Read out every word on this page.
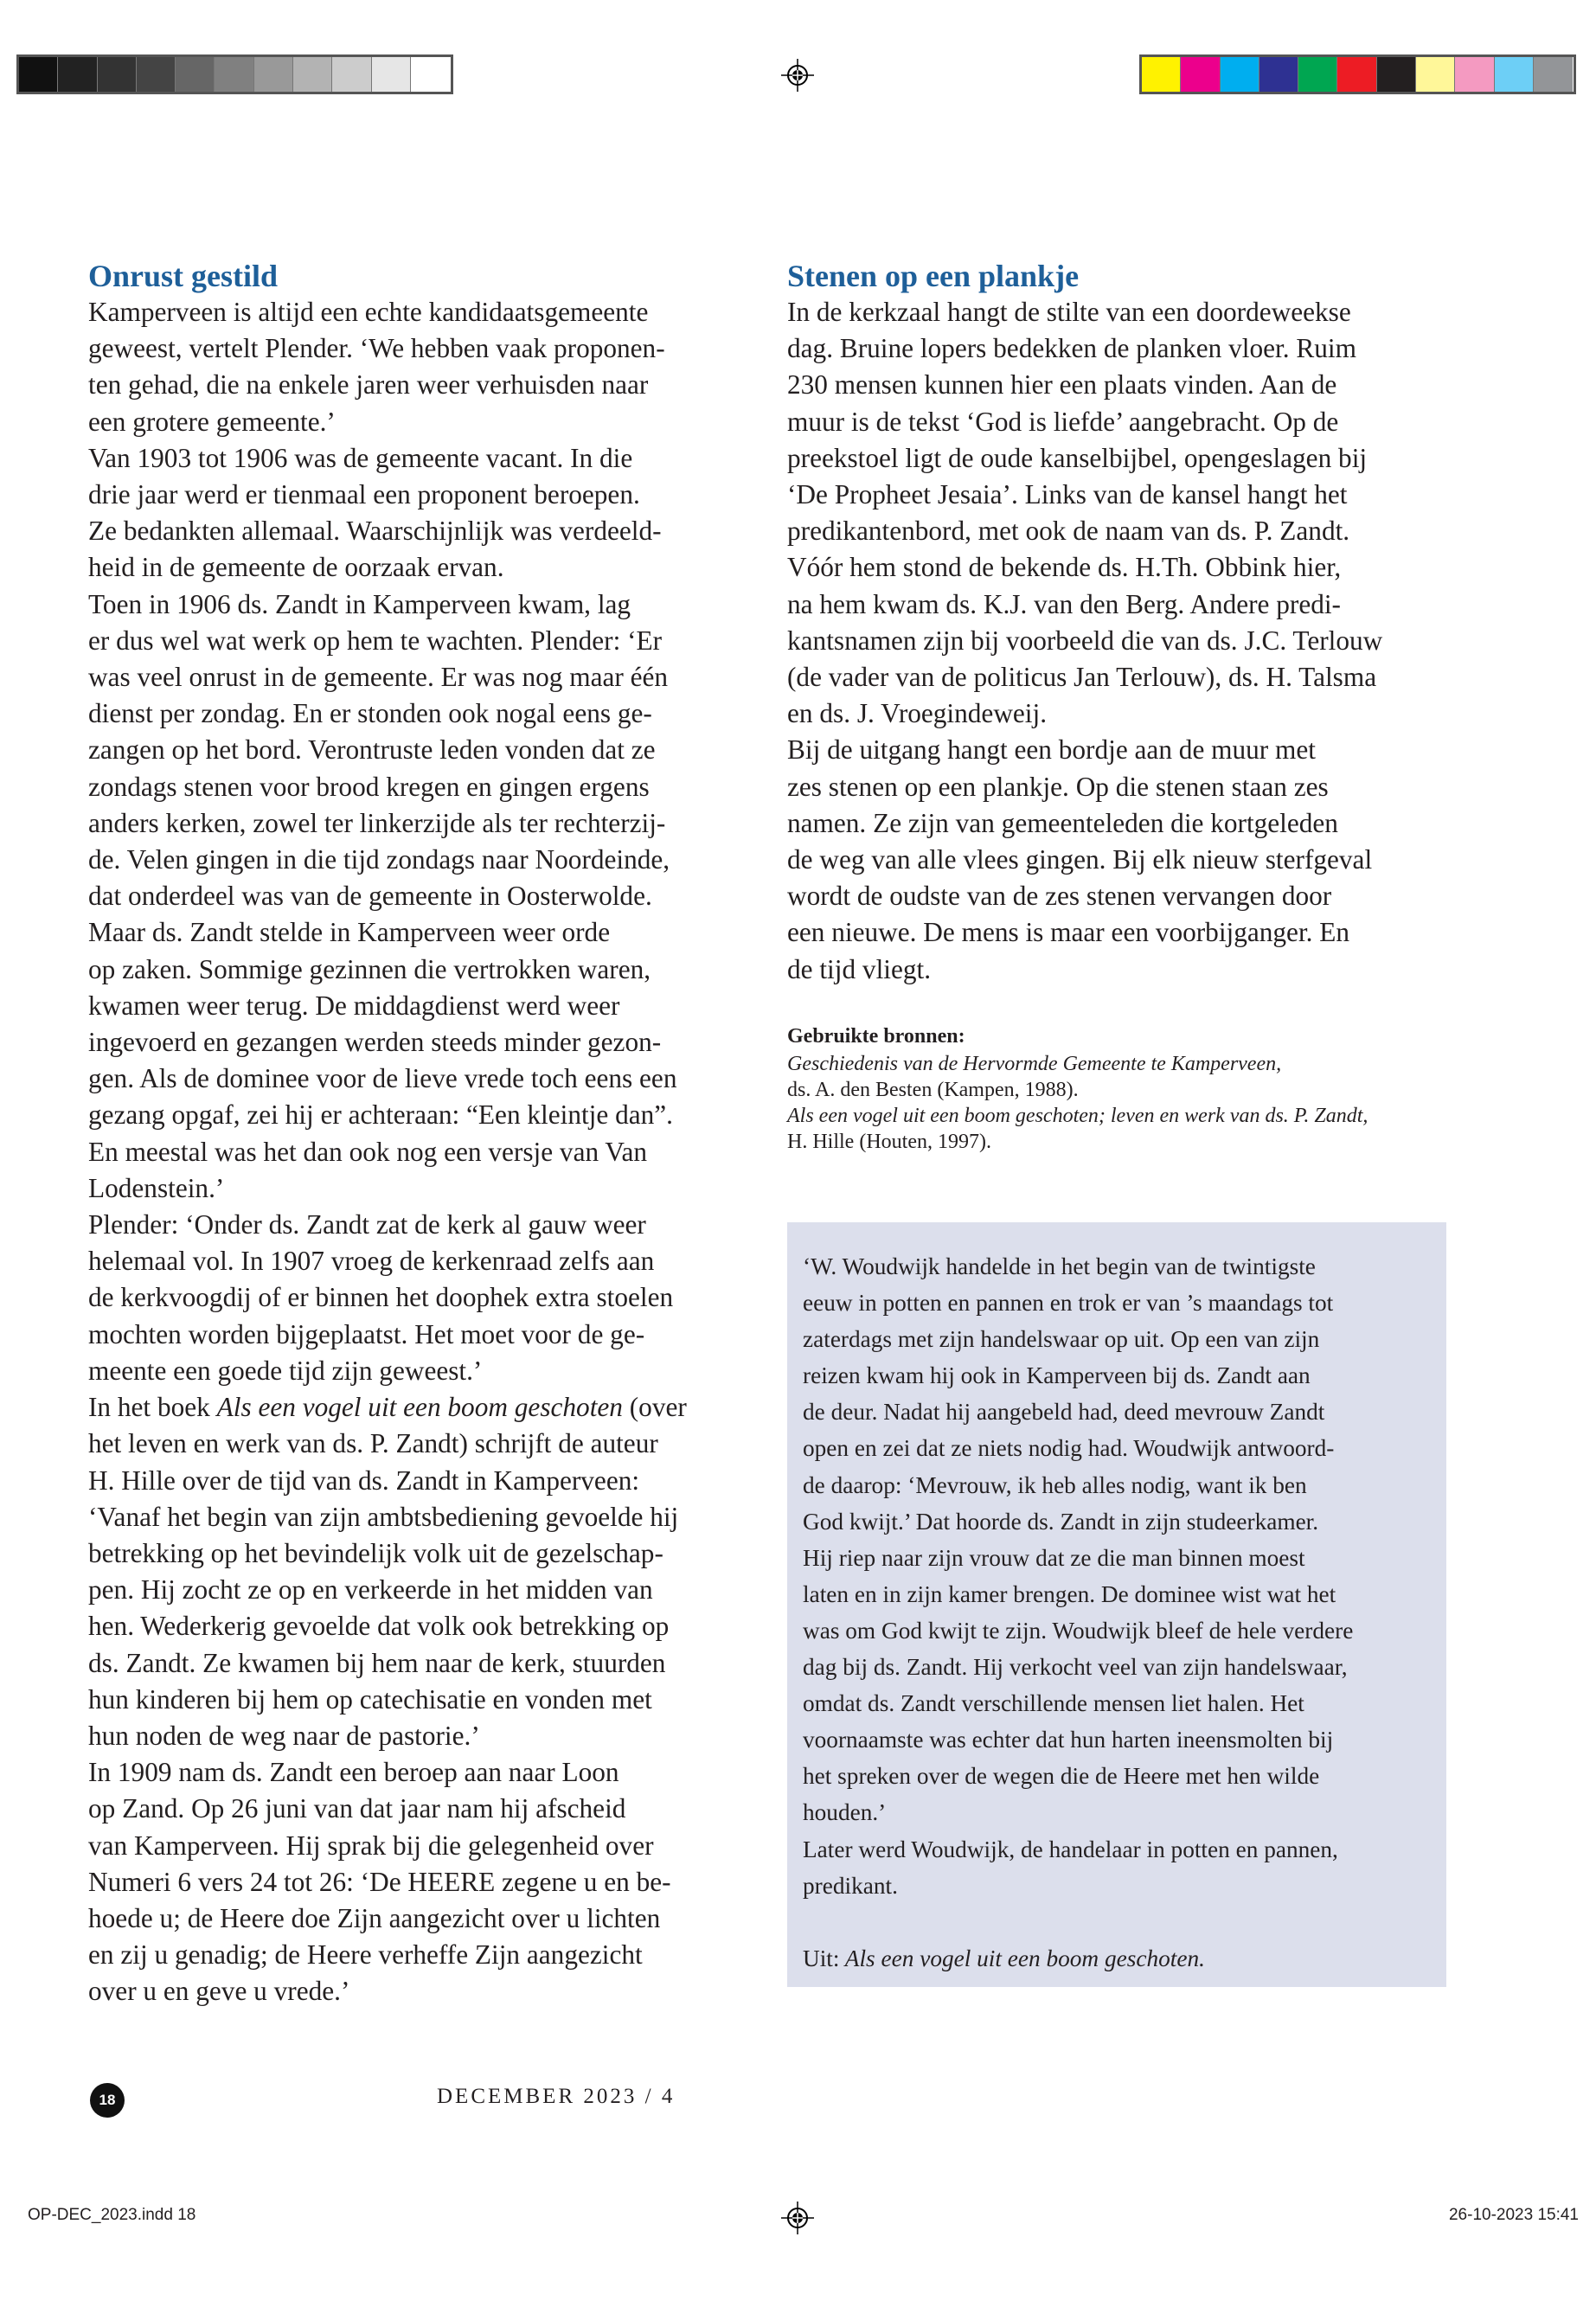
Onrust gestild

Kamperveen is altijd een echte kandidaatsgemeente

geweest, vertelt Plender. ‘We hebben vaak proponen-

ten gehad, die na enkele jaren weer verhuisden naar

een grotere gemeente.’

Van 1903 tot 1906 was de gemeente vacant. In die

drie jaar werd er tienmaal een proponent beroepen.

Ze bedankten allemaal. Waarschijnlijk was verdeeld-

heid in de gemeente de oorzaak ervan.

Toen in 1906 ds. Zandt in Kamperveen kwam, lag

er dus wel wat werk op hem te wachten. Plender: ‘Er

was veel onrust in de gemeente. Er was nog maar één

dienst per zondag. En er stonden ook nogal eens ge-

zangen op het bord. Verontruste leden vonden dat ze

zondags stenen voor brood kregen en gingen ergens

anders kerken, zowel ter linkerzijde als ter rechterzij-

de. Velen gingen in die tijd zondags naar Noordeinde,

dat onderdeel was van de gemeente in Oosterwolde.

Maar ds. Zandt stelde in Kamperveen weer orde

op zaken. Sommige gezinnen die vertrokken waren,

kwamen weer terug. De middagdienst werd weer

ingevoerd en gezangen werden steeds minder gezon-

gen. Als de dominee voor de lieve vrede toch eens een

gezang opgaf, zei hij er achteraan: “Een kleintje dan”.

En meestal was het dan ook nog een versje van Van

Lodenstein.’

Plender: ‘Onder ds. Zandt zat de kerk al gauw weer

helemaal vol. In 1907 vroeg de kerkenraad zelfs aan

de kerkvoogdij of er binnen het doophek extra stoelen

mochten worden bijgeplaatst. Het moet voor de ge-

meente een goede tijd zijn geweest.’

In het boek Als een vogel uit een boom geschoten (over

het leven en werk van ds. P. Zandt) schrijft de auteur

H. Hille over de tijd van ds. Zandt in Kamperveen:

‘Vanaf het begin van zijn ambtsbediening gevoelde hij

betrekking op het bevindelijk volk uit de gezelschap-

pen. Hij zocht ze op en verkeerde in het midden van

hen. Wederkerig gevoelde dat volk ook betrekking op

ds. Zandt. Ze kwamen bij hem naar de kerk, stuurden

hun kinderen bij hem op catechisatie en vonden met

hun noden de weg naar de pastorie.’

In 1909 nam ds. Zandt een beroep aan naar Loon

op Zand. Op 26 juni van dat jaar nam hij afscheid

van Kamperveen. Hij sprak bij die gelegenheid over

Numeri 6 vers 24 tot 26: ‘De HEERE zegene u en be-

hoede u; de Heere doe Zijn aangezicht over u lichten

en zij u genadig; de Heere verheffe Zijn aangezicht

over u en geve u vrede.’

Stenen op een plankje

In de kerkzaal hangt de stilte van een doordeweekse

dag. Bruine lopers bedekken de planken vloer. Ruim

230 mensen kunnen hier een plaats vinden. Aan de

muur is de tekst ‘God is liefde’ aangebracht. Op de

preekstoel ligt de oude kanselbijbel, opengeslagen bij

‘De Propheet Jesaia’. Links van de kansel hangt het

predikantenbord, met ook de naam van ds. P. Zandt.

Vóór hem stond de bekende ds. H.Th. Obbink hier,

na hem kwam ds. K.J. van den Berg. Andere predi-

kantsnamen zijn bij voorbeeld die van ds. J.C. Terlouw

(de vader van de politicus Jan Terlouw), ds. H. Talsma

en ds. J. Vroegindeweij.

Bij de uitgang hangt een bordje aan de muur met

zes stenen op een plankje. Op die stenen staan zes

namen. Ze zijn van gemeenteleden die kortgeleden

de weg van alle vlees gingen. Bij elk nieuw sterfgeval

wordt de oudste van de zes stenen vervangen door

een nieuwe. De mens is maar een voorbijganger. En

de tijd vliegt.

Gebruikte bronnen:

Geschiedenis van de Hervormde Gemeente te Kamperveen,

ds. A. den Besten (Kampen, 1988).

Als een vogel uit een boom geschoten; leven en werk van ds. P. Zandt,

H. Hille (Houten, 1997).

‘W. Woudwijk handelde in het begin van de twintigste

eeuw in potten en pannen en trok er van ’s maandags tot

zaterdags met zijn handelswaar op uit. Op een van zijn

reizen kwam hij ook in Kamperveen bij ds. Zandt aan

de deur. Nadat hij aangebeld had, deed mevrouw Zandt

open en zei dat ze niets nodig had. Woudwijk antwoord-

de daarop: ‘Mevrouw, ik heb alles nodig, want ik ben

God kwijt.’ Dat hoorde ds. Zandt in zijn studeerkamer.

Hij riep naar zijn vrouw dat ze die man binnen moest

laten en in zijn kamer brengen. De dominee wist wat het

was om God kwijt te zijn. Woudwijk bleef de hele verdere

dag bij ds. Zandt. Hij verkocht veel van zijn handelswaar,

omdat ds. Zandt verschillende mensen liet halen. Het

voornaamste was echter dat hun harten ineensmolten bij

het spreken over de wegen die de Heere met hen wilde

houden.’

Later werd Woudwijk, de handelaar in potten en pannen,

predikant.

Uit: Als een vogel uit een boom geschoten.

18	DECEMBER 2023 / 4
OP-DEC_2023.indd 18	26-10-2023 15:41
